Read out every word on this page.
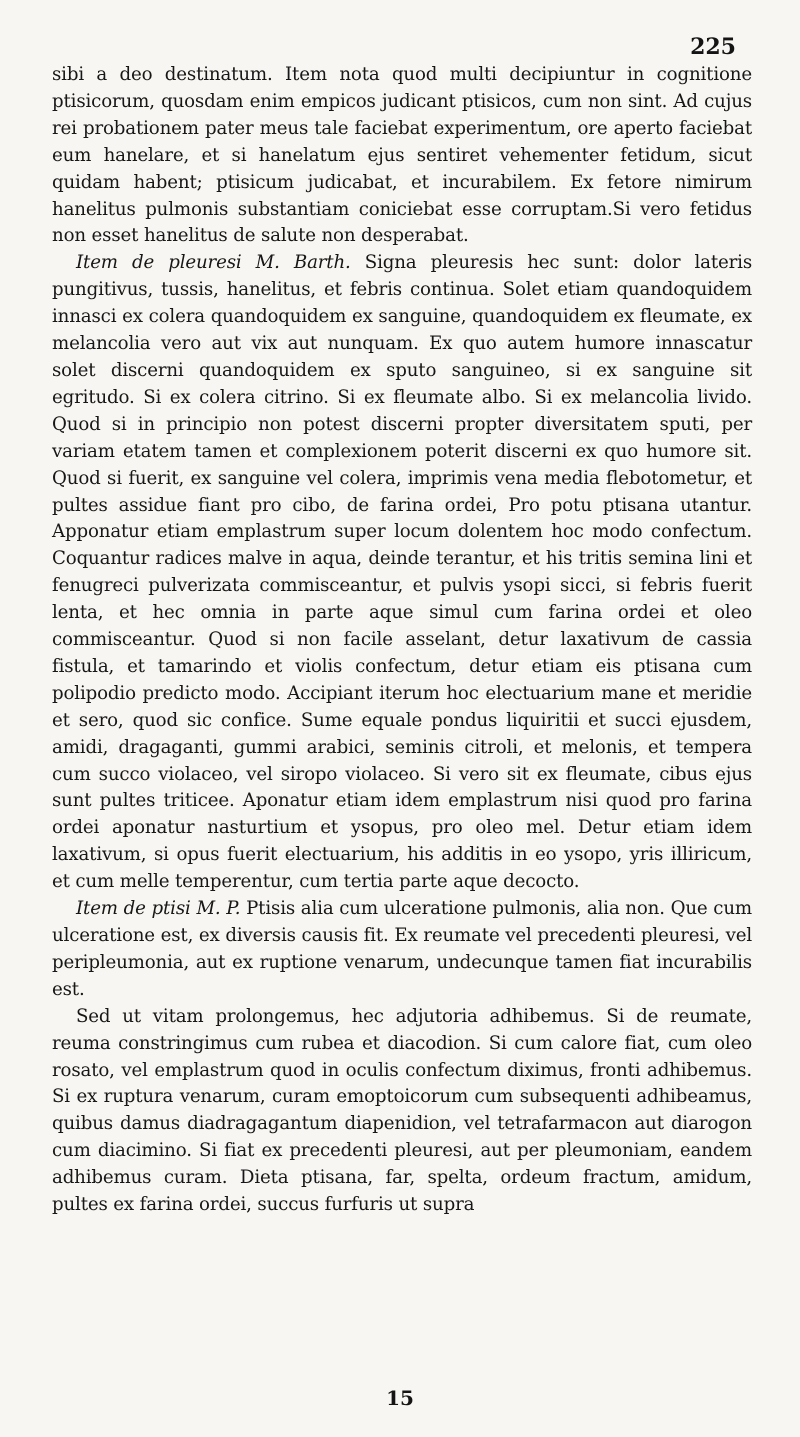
225

sibi a deo destinatum. Item nota quod multi decipiuntur in cognitione ptisicorum, quosdam enim empicos judicant ptisicos, cum non sint. Ad cujus rei probationem pater meus tale faciebat experimentum, ore aperto faciebat eum hanelare, et si hanelatum ejus sentiret vehementer fetidum, sicut quidam habent; ptisicum judicabat, et incurabilem. Ex fetore nimirum hanelitus pulmonis substantiam coniciebat esse corruptam.Si vero fetidus non esset hanelitus de salute non desperabat.

Item de pleuresi M. Barth. Signa pleuresis hec sunt: dolor lateris pungitivus, tussis, hanelitus, et febris continua. Solet etiam quandoquidem innasci ex colera quandoquidem ex sanguine, quandoquidem ex fleumate, ex melancolia vero aut vix aut nunquam. Ex quo autem humore innascatur solet discerni quandoquidem ex sputo sanguineo, si ex sanguine sit egritudo. Si ex colera citrino. Si ex fleumate albo. Si ex melancolia livido. Quod si in principio non potest discerni propter diversitatem sputi, per variam etatem tamen et complexionem poterit discerni ex quo humore sit. Quod si fuerit, ex sanguine vel colera, imprimis vena media flebotometur, et pultes assidue fiant pro cibo, de farina ordei, Pro potu ptisana utantur. Apponatur etiam emplastrum super locum dolentem hoc modo confectum. Coquantur radices malve in aqua, deinde terantur, et his tritis semina lini et fenugreci pulverizata commisceantur, et pulvis ysopi sicci, si febris fuerit lenta, et hec omnia in parte aque simul cum farina ordei et oleo commisceantur. Quod si non facile asselant, detur laxativum de cassia fistula, et tamarindo et violis confectum, detur etiam eis ptisana cum polipodio predicto modo. Accipiant iterum hoc electuarium mane et meridie et sero, quod sic confice. Sume equale pondus liquiritii et succi ejusdem, amidi, dragaganti, gummi arabici, seminis citroli, et melonis, et tempera cum succo violaceo, vel siropo violaceo. Si vero sit ex fleumate, cibus ejus sunt pultes triticee. Aponatur etiam idem emplastrum nisi quod pro farina ordei aponatur nasturtium et ysopus, pro oleo mel. Detur etiam idem laxativum, si opus fuerit electuarium, his additis in eo ysopo, yris illiricum, et cum melle temperentur, cum tertia parte aque decocto.

Item de ptisi M. P. Ptisis alia cum ulceratione pulmonis, alia non. Que cum ulceratione est, ex diversis causis fit. Ex reumate vel precedenti pleuresi, vel peripleumonia, aut ex ruptione venarum, undecunque tamen fiat incurabilis est.

Sed ut vitam prolongemus, hec adjutoria adhibemus. Si de reumate, reuma constringimus cum rubea et diacodion. Si cum calore fiat, cum oleo rosato, vel emplastrum quod in oculis confectum diximus, fronti adhibemus. Si ex ruptura venarum, curam emoptoicorum cum subsequenti adhibeamus, quibus damus diadragagantum diapenidion, vel tetrafarmacon aut diarogon cum diacimino. Si fiat ex precedenti pleuresi, aut per pleumoniam, eandem adhibemus curam. Dieta ptisana, far, spelta, ordeum fractum, amidum, pultes ex farina ordei, succus furfuris ut supra

15
